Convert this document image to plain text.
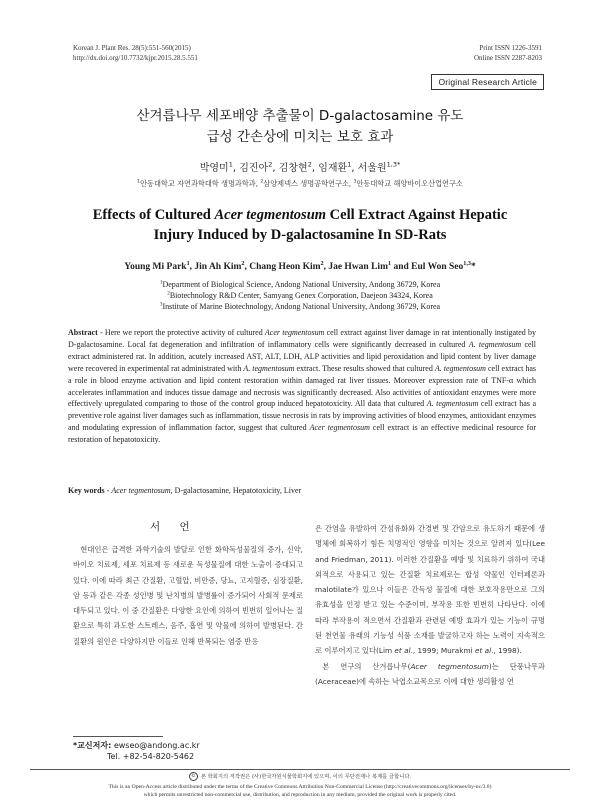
Korean J. Plant Res. 28(5):551-560(2015)
http://dx.doi.org/10.7732/kjpr.2015.28.5.551
Print ISSN 1226-3591
Online ISSN 2287-8203
Original Research Article
산겨릅나무 세포배양 추출물이 D-galactosamine 유도
급성 간손상에 미치는 보호 효과
박영미$^1$, 김진아$^2$, 김창현$^2$, 임재환$^1$, 서울원$^{1,3*}$
$^1$안동대학교 자연과학대학 생명과학과, $^2$삼양제넥스 생명공학연구소, $^3$안동대학교 해양바이오산업연구소
Effects of Cultured Acer tegmentosum Cell Extract Against Hepatic
Injury Induced by D-galactosamine In SD-Rats
Young Mi Park$^1$, Jin Ah Kim$^2$, Chang Heon Kim$^2$, Jae Hwan Lim$^1$ and Eul Won Seo$^{1,3}$*
$^1$Department of Biological Science, Andong National University, Andong 36729, Korea
$^2$Biotechnology R&D Center, Samyang Genex Corporation, Daejeon 34324, Korea
$^3$Institute of Marine Biotechnology, Andong National University, Andong 36729, Korea
Abstract - Here we report the protective activity of cultured Acer tegmentosum cell extract against liver damage in rat intentionally instigated by D-galactosamine. Local fat degeneration and infiltration of inflammatory cells were significantly decreased in cultured A. tegmentosum cell extract administered rat. In addition, acutely increased AST, ALT, LDH, ALP activities and lipid peroxidation and lipid content by liver damage were recovered in experimental rat administrated with A. tegmentosum extract. These results showed that cultured A. tegmentosum cell extract has a role in blood enzyme activation and lipid content restoration within damaged rat liver tissues. Moreover expression rate of TNF-α which accelerates inflammation and induces tissue damage and necrosis was significantly decreased. Also activities of antioxidant enzymes were more effectively upregulated comparing to those of the control group induced hepatotoxicity. All data that cultured A. tegmentosum cell extract has a preventive role against liver damages such as inflammation, tissue necrosis in rats by improving activities of blood enzymes, antioxidant enzymes and modulating expression of inflammation factor, suggest that cultured Acer tegmentosum cell extract is an effective medicinal resource for restoration of hepatotoxicity.
Key words - Acer tegmentosum, D-galactosamine, Hepatotoxicity, Liver
서 언

현대인은 급격한 과학기술의 발달로 인한 화학독성물질의 증가, 신약, 바이오 치료제, 세포 치료제 등 새로운 독성물질에 대한 노출이 증대되고 있다. 이에 따라 최근 간질환, 고혈압, 비만증, 당뇨, 고지혈증, 심장질환, 암 등과 같은 각종 성인병 및 난치병의 발병률이 증가되어 사회적 문제로 대두되고 있다. 이 중 간질환은 다양한 요인에 의하여 빈번히 일어나는 질환으로 특히 과도한 스트레스, 음주, 흡연 및 약물에 의하여 발병된다. 간질환의 원인은 다양하지만 이들로 인해 반복되는 염증 반응

은 간염을 유발하여 간섬유화와 간경변 및 간암으로 유도하기 때문에 생명체에 회복하기 힘든 치명적인 영향을 미치는 것으로 알려져 있다(Lee and Friedman, 2011). 이러한 간질환을 예방 및 치료하기 위하여 국내외적으로 사용되고 있는 간질환 치료제로는 합성 약물인 인터페론과 malotilate가 있으나 이들은 간독성 물질에 대한 보호작용만으로 그의 유효성을 인정 받고 있는 수준이며, 부작용 또한 빈번히 나타난다. 이에 따라 부작용이 적으면서 간질환과 관련된 예방 효과가 있는 기능이 규명된 천연물 유래의 기능성 식품 소재를 발굴하고자 하는 노력이 지속적으로 이루어지고 있다(Lim et al., 1999; Murakmi et al., 1998).

본 연구의 산겨릅나무(Acer tegmentosum)는 단풍나무과(Aceraceae)에 속하는 낙엽소교목으로 이에 대한 생리활성 연

*교신저자: ewseo@andong.ac.kr
Tel. +82-54-820-5462
© 본 학회지의 저작권은 (사)한국자원식물학회지에 있으며, 이의 무단전재나 복제를 금합니다.
This is an Open-Access article distributed under the terms of the Creative Commons Attribution Non-Commercial License (http://creativecommons.org/licenses/by-nc/3.0)
which permits unrestricted non-commercial use, distribution, and reproduction in any medium, provided the original work is properly cited.
